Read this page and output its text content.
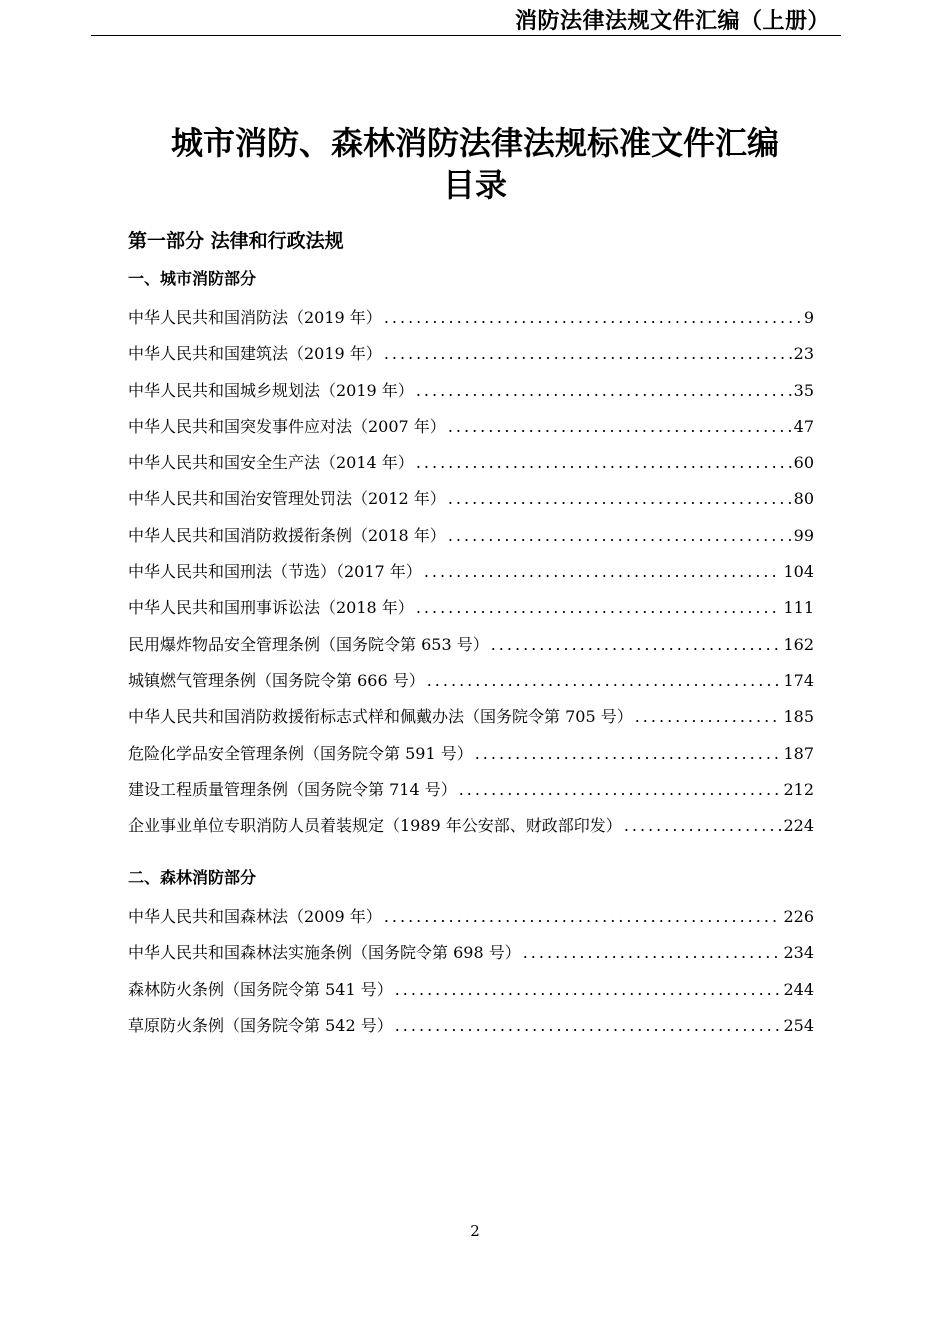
消防法律法规文件汇编（上册）
城市消防、森林消防法律法规标准文件汇编
目录
第一部分 法律和行政法规
一、城市消防部分
中华人民共和国消防法（2019 年） .....	9
中华人民共和国建筑法（2019 年） .....	23
中华人民共和国城乡规划法（2019 年） .....	35
中华人民共和国突发事件应对法（2007 年） .....	47
中华人民共和国安全生产法（2014 年） .....	60
中华人民共和国治安管理处罚法（2012 年） .....	80
中华人民共和国消防救援衔条例（2018 年） .....	99
中华人民共和国刑法（节选）（2017 年） .....	104
中华人民共和国刑事诉讼法（2018 年） .....	111
民用爆炸物品安全管理条例（国务院令第 653 号） .....	162
城镇燃气管理条例（国务院令第 666 号） .....	174
中华人民共和国消防救援衔标志式样和佩戴办法（国务院令第 705 号） .....	185
危险化学品安全管理条例（国务院令第 591 号） .....	187
建设工程质量管理条例（国务院令第 714 号） .....	212
企业事业单位专职消防人员着装规定（1989 年公安部、财政部印发） .....	224
二、森林消防部分
中华人民共和国森林法（2009 年） .....	226
中华人民共和国森林法实施条例（国务院令第 698 号） .....	234
森林防火条例（国务院令第 541 号） .....	244
草原防火条例（国务院令第 542 号） .....	254
2
